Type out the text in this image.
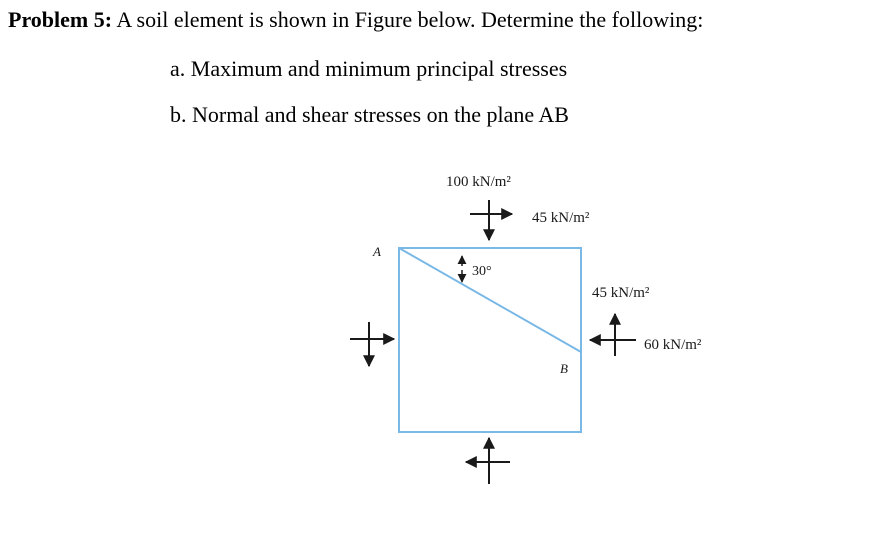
Problem 5: A soil element is shown in Figure below. Determine the following:
a. Maximum and minimum principal stresses
b. Normal and shear stresses on the plane AB
A
B
30°
100 kN/m²
45 kN/m²
45 kN/m²
60 kN/m²
